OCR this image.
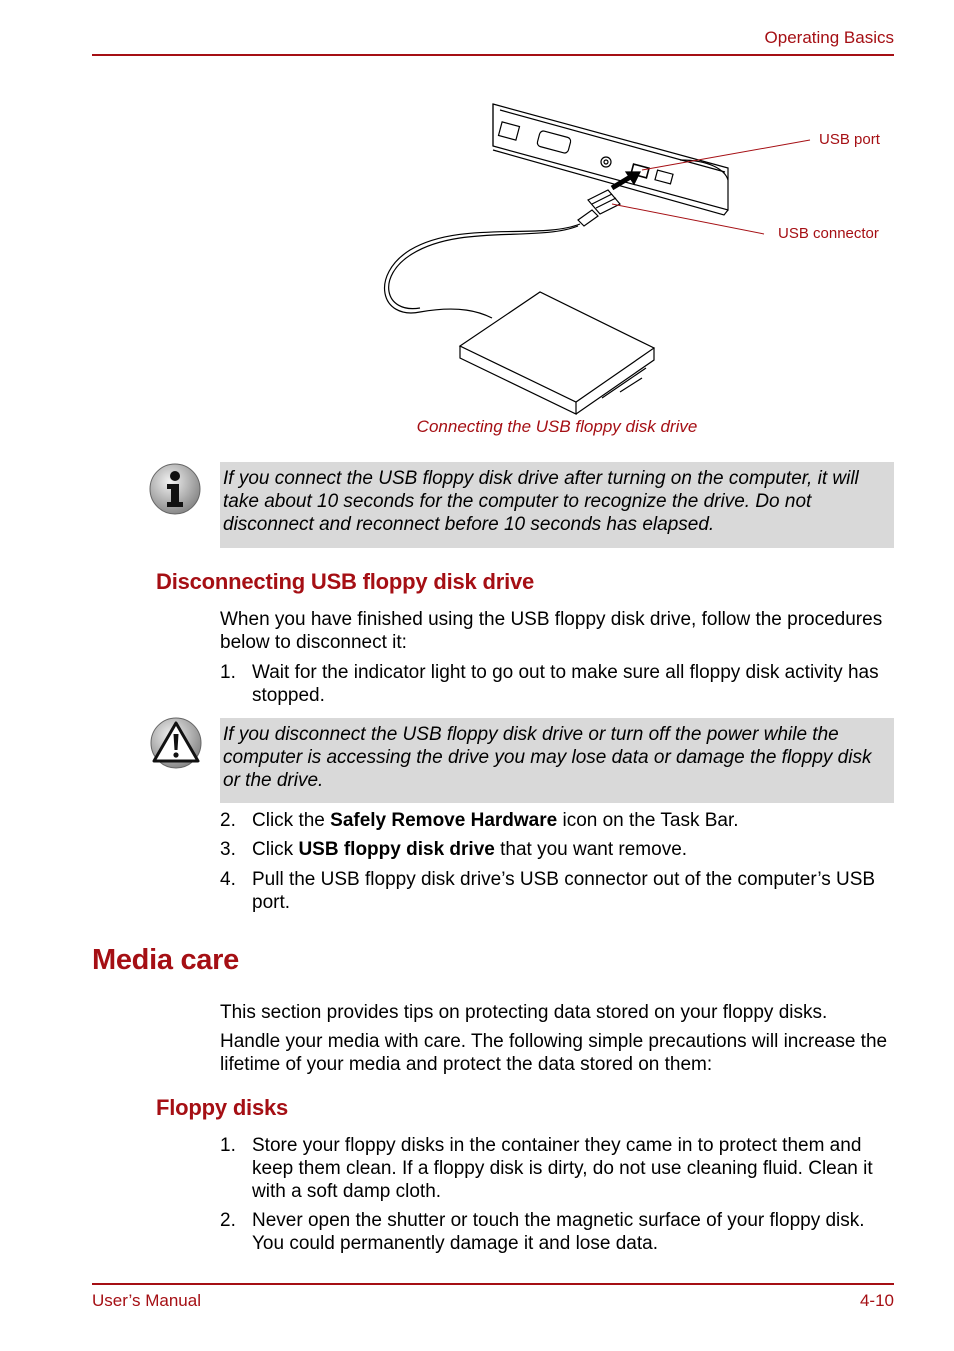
Operating Basics
USB port
USB connector
Connecting the USB floppy disk drive

If you connect the USB floppy disk drive after turning on the computer, it will take about 10 seconds for the computer to recognize the drive. Do not disconnect and reconnect before 10 seconds has elapsed.

Disconnecting USB floppy disk drive

When you have finished using the USB floppy disk drive, follow the procedures below to disconnect it:

1. Wait for the indicator light to go out to make sure all floppy disk activity has stopped.

If you disconnect the USB floppy disk drive or turn off the power while the computer is accessing the drive you may lose data or damage the floppy disk or the drive.

2. Click the Safely Remove Hardware icon on the Task Bar.
3. Click USB floppy disk drive that you want remove.
4. Pull the USB floppy disk drive’s USB connector out of the computer’s USB port.
Media care

This section provides tips on protecting data stored on your floppy disks.

Handle your media with care. The following simple precautions will increase the lifetime of your media and protect the data stored on them:

Floppy disks
1. Store your floppy disks in the container they came in to protect them and keep them clean. If a floppy disk is dirty, do not use cleaning fluid. Clean it with a soft damp cloth.
2. Never open the shutter or touch the magnetic surface of your floppy disk. You could permanently damage it and lose data.
User’s Manual	4-10
